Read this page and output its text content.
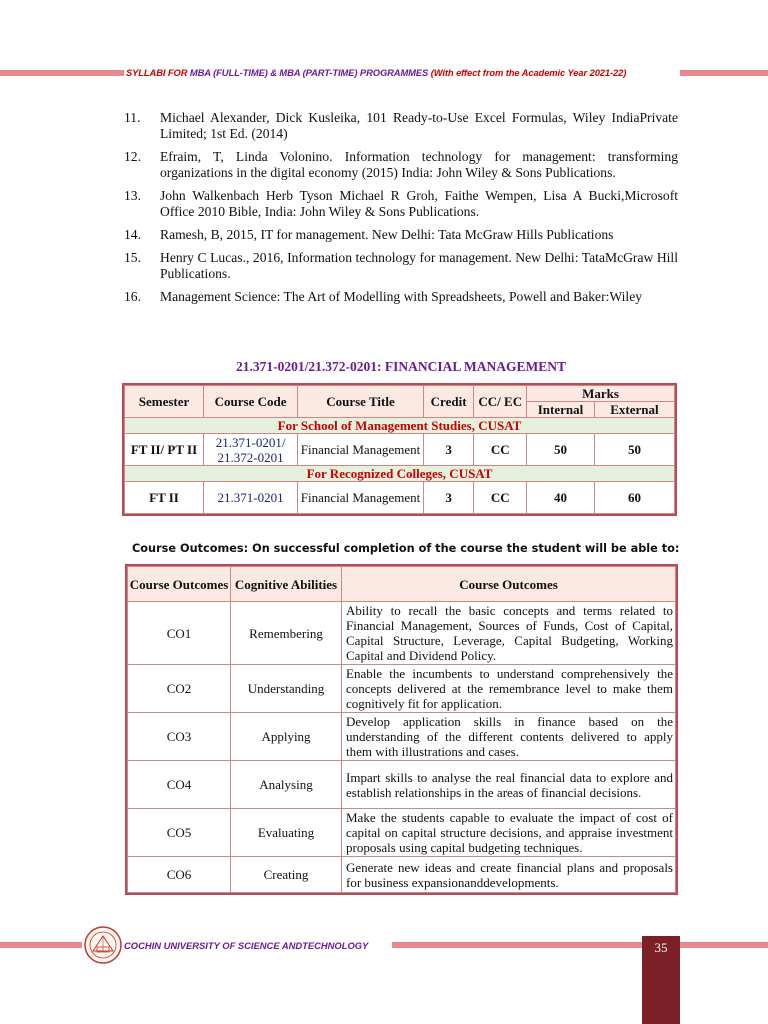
SYLLABI FOR MBA (FULL-TIME) & MBA (PART-TIME) PROGRAMMES (With effect from the Academic Year 2021-22)
11.	Michael Alexander, Dick Kusleika, 101 Ready-to-Use Excel Formulas, Wiley IndiaPrivate Limited; 1st Ed. (2014)
12.	Efraim, T, Linda Volonino. Information technology for management: transforming organizations in the digital economy (2015) India: John Wiley & Sons Publications.
13.	John Walkenbach Herb Tyson Michael R Groh, Faithe Wempen, Lisa A Bucki,Microsoft Office 2010 Bible, India: John Wiley & Sons Publications.
14.	Ramesh, B, 2015, IT for management. New Delhi: Tata McGraw Hills Publications
15.	Henry C Lucas., 2016, Information technology for management. New Delhi: TataMcGraw Hill Publications.
16.	Management Science: The Art of Modelling with Spreadsheets, Powell and Baker:Wiley
21.371-0201/21.372-0201: FINANCIAL MANAGEMENT
Semester	Course Code	Course Title	Credit	CC/ EC	Marks	
					Internal	External
For School of Management Studies, CUSAT						
FT II/ PT II	21.371-0201/ 21.372-0201	Financial Management	3	CC	50	50
For Recognized Colleges, CUSAT						
FT II	21.371-0201	Financial Management	3	CC	40	60
Course Outcomes: On successful completion of the course the student will be able to:
Course Outcomes	Cognitive Abilities	Course Outcomes
CO1	Remembering	Ability to recall the basic concepts and terms related to Financial Management, Sources of Funds, Cost of Capital, Capital Structure, Leverage, Capital Budgeting, Working Capital and Dividend Policy.
CO2	Understanding	Enable the incumbents to understand comprehensively the concepts delivered at the remembrance level to make them cognitively fit for application.
CO3	Applying	Develop application skills in finance based on the understanding of the different contents delivered to apply them with illustrations and cases.
CO4	Analysing	Impart skills to analyse the real financial data to explore and establish relationships in the areas of financial decisions.
CO5	Evaluating	Make the students capable to evaluate the impact of cost of capital on capital structure decisions, and appraise investment proposals using capital budgeting techniques.
CO6	Creating	Generate new ideas and create financial plans and proposals for business expansionanddevelopments.
COCHIN UNIVERSITY OF SCIENCE ANDTECHNOLOGY	35
